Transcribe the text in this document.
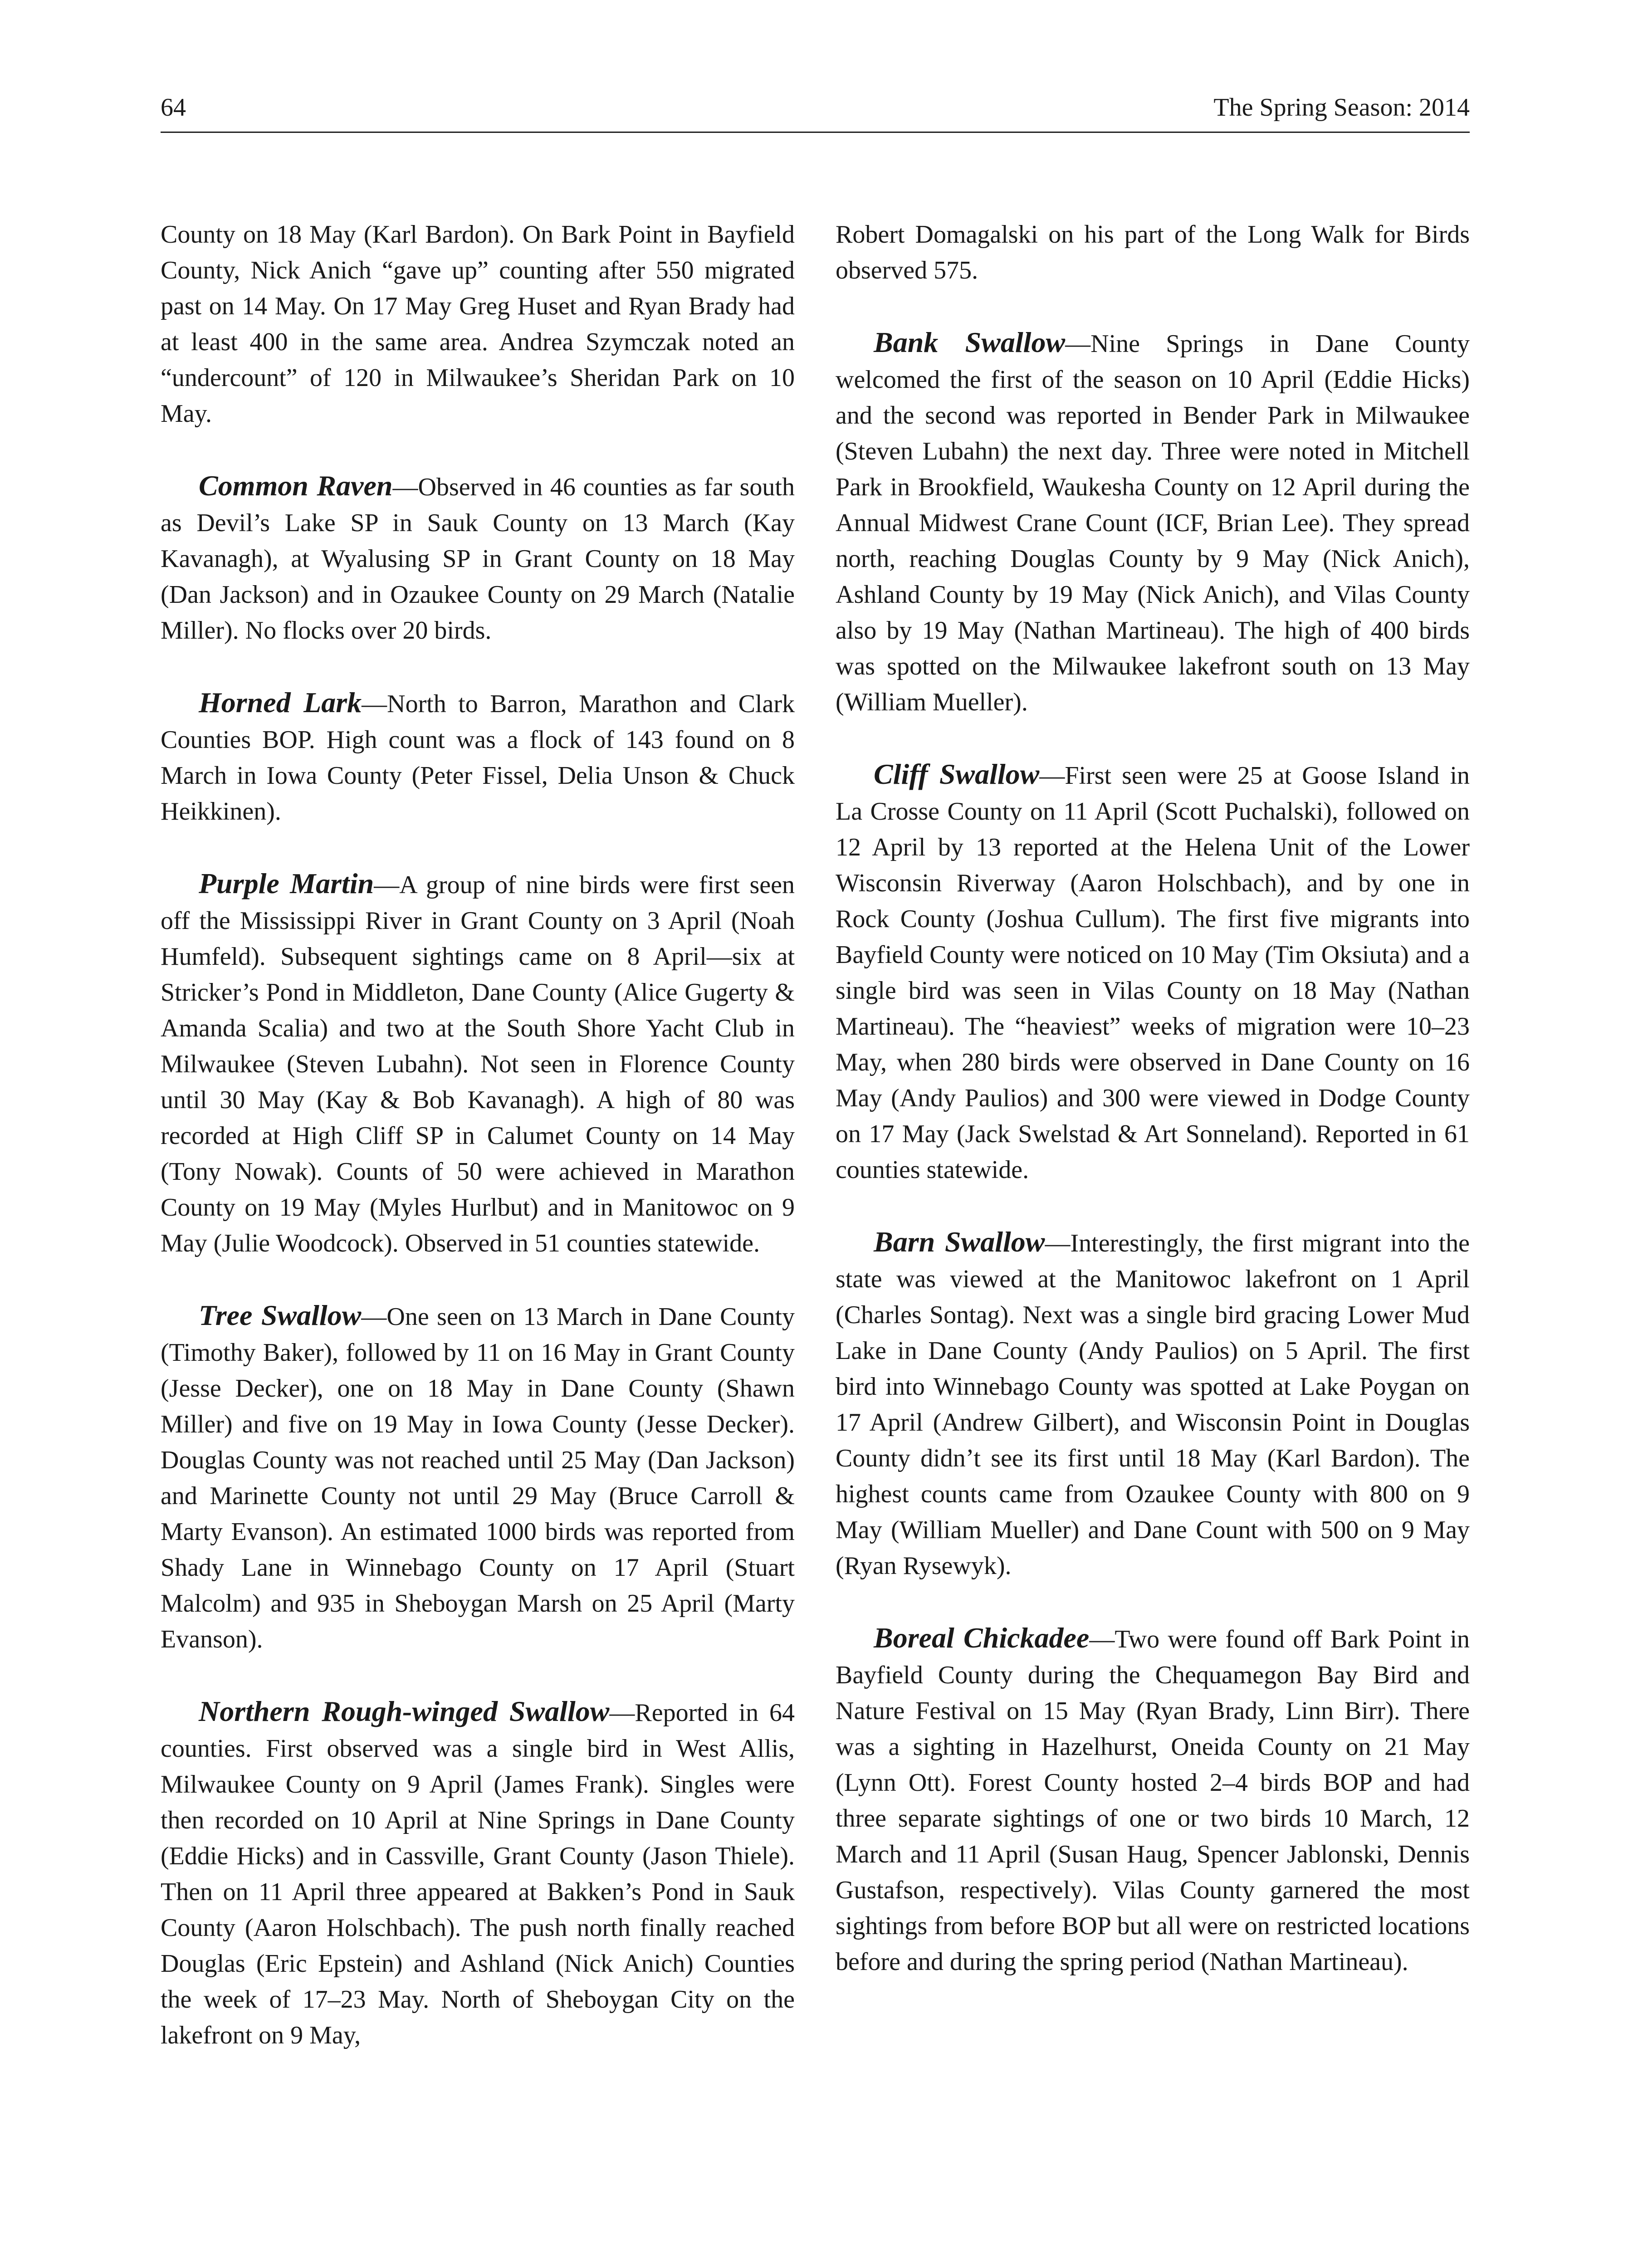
64	The Spring Season: 2014

County on 18 May (Karl Bardon). On Bark Point in Bayfield County, Nick Anich “gave up” counting after 550 migrated past on 14 May. On 17 May Greg Huset and Ryan Brady had at least 400 in the same area. Andrea Szymczak noted an “undercount” of 120 in Milwaukee’s Sheridan Park on 10 May.

Common Raven—Observed in 46 counties as far south as Devil’s Lake SP in Sauk County on 13 March (Kay Kavanagh), at Wyalusing SP in Grant County on 18 May (Dan Jackson) and in Ozaukee County on 29 March (Natalie Miller). No flocks over 20 birds.

Horned Lark—North to Barron, Marathon and Clark Counties BOP. High count was a flock of 143 found on 8 March in Iowa County (Peter Fissel, Delia Unson & Chuck Heikkinen).

Purple Martin—A group of nine birds were first seen off the Mississippi River in Grant County on 3 April (Noah Humfeld). Subsequent sightings came on 8 April—six at Stricker’s Pond in Middleton, Dane County (Alice Gugerty & Amanda Scalia) and two at the South Shore Yacht Club in Milwaukee (Steven Lubahn). Not seen in Florence County until 30 May (Kay & Bob Kavanagh). A high of 80 was recorded at High Cliff SP in Calumet County on 14 May (Tony Nowak). Counts of 50 were achieved in Marathon County on 19 May (Myles Hurlbut) and in Manitowoc on 9 May (Julie Woodcock). Observed in 51 counties statewide.

Tree Swallow—One seen on 13 March in Dane County (Timothy Baker), followed by 11 on 16 May in Grant County (Jesse Decker), one on 18 May in Dane County (Shawn Miller) and five on 19 May in Iowa County (Jesse Decker). Douglas County was not reached until 25 May (Dan Jackson) and Marinette County not until 29 May (Bruce Carroll & Marty Evanson). An estimated 1000 birds was reported from Shady Lane in Winnebago County on 17 April (Stuart Malcolm) and 935 in Sheboygan Marsh on 25 April (Marty Evanson).

Northern Rough-winged Swallow—Reported in 64 counties. First observed was a single bird in West Allis, Milwaukee County on 9 April (James Frank). Singles were then recorded on 10 April at Nine Springs in Dane County (Eddie Hicks) and in Cassville, Grant County (Jason Thiele). Then on 11 April three appeared at Bakken’s Pond in Sauk County (Aaron Holschbach). The push north finally reached Douglas (Eric Epstein) and Ashland (Nick Anich) Counties the week of 17–23 May. North of Sheboygan City on the lakefront on 9 May,

Robert Domagalski on his part of the Long Walk for Birds observed 575.

Bank Swallow—Nine Springs in Dane County welcomed the first of the season on 10 April (Eddie Hicks) and the second was reported in Bender Park in Milwaukee (Steven Lubahn) the next day. Three were noted in Mitchell Park in Brookfield, Waukesha County on 12 April during the Annual Midwest Crane Count (ICF, Brian Lee). They spread north, reaching Douglas County by 9 May (Nick Anich), Ashland County by 19 May (Nick Anich), and Vilas County also by 19 May (Nathan Martineau). The high of 400 birds was spotted on the Milwaukee lakefront south on 13 May (William Mueller).

Cliff Swallow—First seen were 25 at Goose Island in La Crosse County on 11 April (Scott Puchalski), followed on 12 April by 13 reported at the Helena Unit of the Lower Wisconsin Riverway (Aaron Holschbach), and by one in Rock County (Joshua Cullum). The first five migrants into Bayfield County were noticed on 10 May (Tim Oksiuta) and a single bird was seen in Vilas County on 18 May (Nathan Martineau). The “heaviest” weeks of migration were 10–23 May, when 280 birds were observed in Dane County on 16 May (Andy Paulios) and 300 were viewed in Dodge County on 17 May (Jack Swelstad & Art Sonneland). Reported in 61 counties statewide.

Barn Swallow—Interestingly, the first migrant into the state was viewed at the Manitowoc lakefront on 1 April (Charles Sontag). Next was a single bird gracing Lower Mud Lake in Dane County (Andy Paulios) on 5 April. The first bird into Winnebago County was spotted at Lake Poygan on 17 April (Andrew Gilbert), and Wisconsin Point in Douglas County didn’t see its first until 18 May (Karl Bardon). The highest counts came from Ozaukee County with 800 on 9 May (William Mueller) and Dane Count with 500 on 9 May (Ryan Rysewyk).

Boreal Chickadee—Two were found off Bark Point in Bayfield County during the Chequamegon Bay Bird and Nature Festival on 15 May (Ryan Brady, Linn Birr). There was a sighting in Hazelhurst, Oneida County on 21 May (Lynn Ott). Forest County hosted 2–4 birds BOP and had three separate sightings of one or two birds 10 March, 12 March and 11 April (Susan Haug, Spencer Jablonski, Dennis Gustafson, respectively). Vilas County garnered the most sightings from before BOP but all were on restricted locations before and during the spring period (Nathan Martineau).
